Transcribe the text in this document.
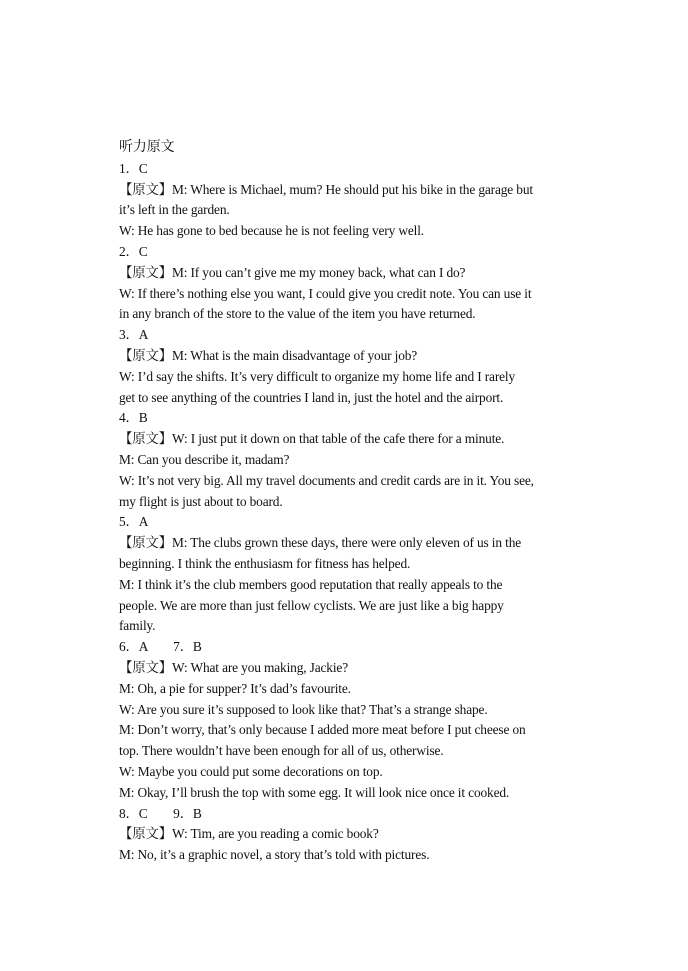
听力原文
1．C
【原文】M: Where is Michael, mum? He should put his bike in the garage but
it’s left in the garden.
W: He has gone to bed because he is not feeling very well.
2．C
【原文】M: If you can’t give me my money back, what can I do?
W: If there’s nothing else you want, I could give you credit note. You can use it
in any branch of the store to the value of the item you have returned.
3．A
【原文】M: What is the main disadvantage of your job?
W: I’d say the shifts. It’s very difficult to organize my home life and I rarely
get to see anything of the countries I land in, just the hotel and the airport.
4．B
【原文】W: I just put it down on that table of the cafe there for a minute.
M: Can you describe it, madam?
W: It’s not very big. All my travel documents and credit cards are in it. You see,
my flight is just about to board.
5．A
【原文】M: The clubs grown these days, there were only eleven of us in the
beginning. I think the enthusiasm for fitness has helped.
M: I think it’s the club members good reputation that really appeals to the
people. We are more than just fellow cyclists. We are just like a big happy
family.
6．A        7．B
【原文】W: What are you making, Jackie?
M: Oh, a pie for supper? It’s dad’s favourite.
W: Are you sure it’s supposed to look like that? That’s a strange shape.
M: Don’t worry, that’s only because I added more meat before I put cheese on
top. There wouldn’t have been enough for all of us, otherwise.
W: Maybe you could put some decorations on top.
M: Okay, I’ll brush the top with some egg. It will look nice once it cooked.
8．C        9．B
【原文】W: Tim, are you reading a comic book?
M: No, it’s a graphic novel, a story that’s told with pictures.
